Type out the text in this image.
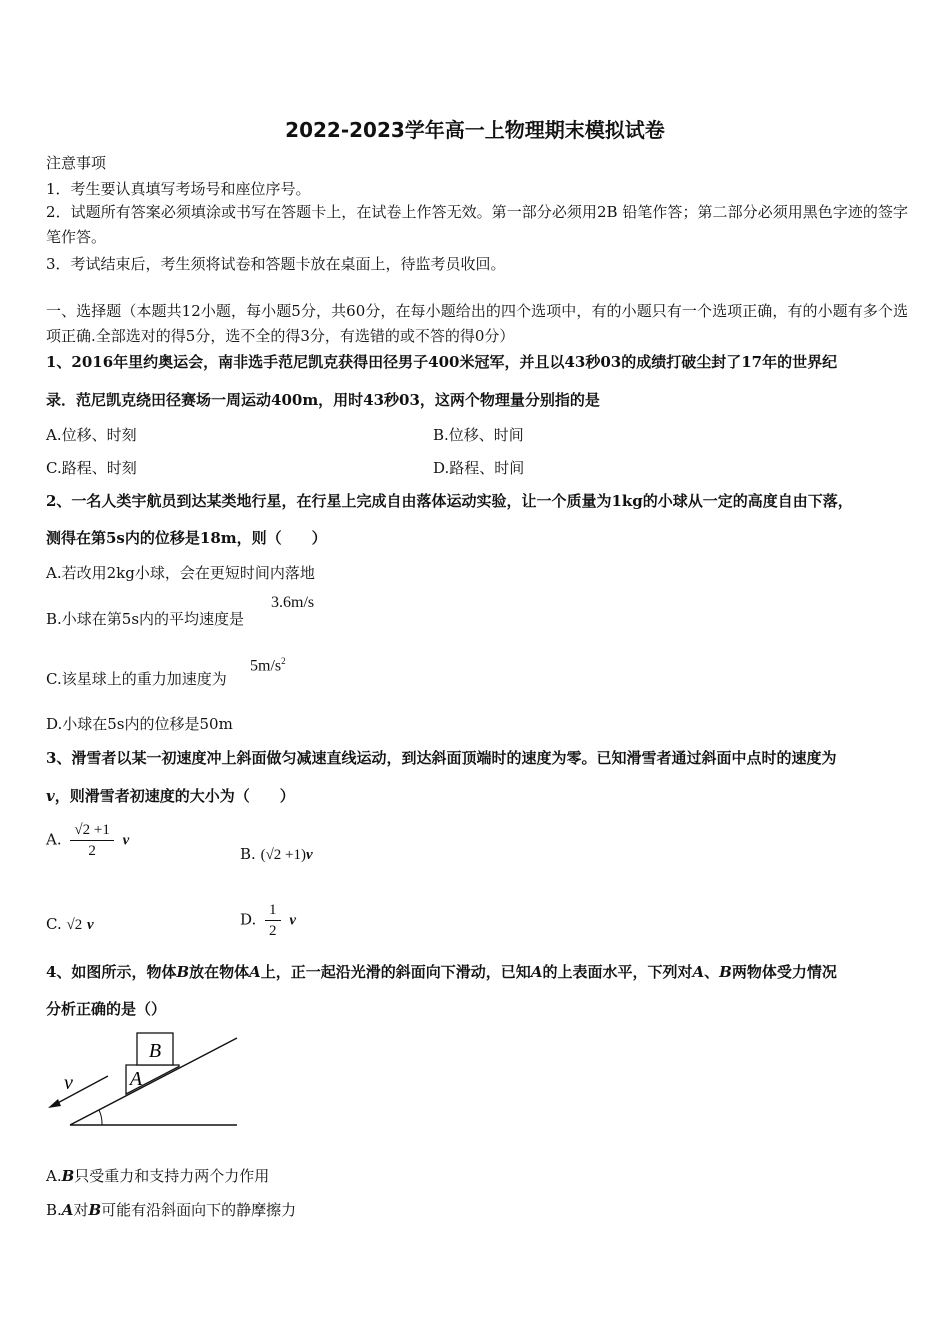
2022-2023学年高一上物理期末模拟试卷
注意事项
1．考生要认真填写考场号和座位序号。
2．试题所有答案必须填涂或书写在答题卡上，在试卷上作答无效。第一部分必须用2B 铅笔作答；第二部分必须用黑色字迹的签字笔作答。
3．考试结束后，考生须将试卷和答题卡放在桌面上，待监考员收回。
一、选择题（本题共12小题，每小题5分，共60分，在每小题给出的四个选项中，有的小题只有一个选项正确，有的小题有多个选项正确.全部选对的得5分，选不全的得3分，有选错的或不答的得0分）
1、2016年里约奥运会，南非选手范尼凯克获得田径男子400米冠军，并且以43秒03的成绩打破尘封了17年的世界纪
录．范尼凯克绕田径赛场一周运动400m，用时43秒03，这两个物理量分别指的是
A.位移、时刻	B.位移、时间
C.路程、时刻	D.路程、时间
2、一名人类宇航员到达某类地行星，在行星上完成自由落体运动实验，让一个质量为1kg的小球从一定的高度自由下落，
测得在第5s内的位移是18m，则（　　）
A.若改用2kg小球，会在更短时间内落地
B.小球在第5s内的平均速度是
3.6m/s
C.该星球上的重力加速度为
$5m/s^2$
D.小球在5s内的位移是50m
3、滑雪者以某一初速度冲上斜面做匀减速直线运动，到达斜面顶端时的速度为零。已知滑雪者通过斜面中点时的速度为
v，则滑雪者初速度的大小为（　　）
A. $\frac{√2 +1}{2}$ v
B. (√2 +1)v
C. √2 v	D. $\frac{1}{2}$ v
4、如图所示，物体B放在物体A上，正一起沿光滑的斜面向下滑动，已知A的上表面水平，下列对A、B两物体受力情况
分析正确的是（）
B
A
v
A.B只受重力和支持力两个力作用
B.A对B可能有沿斜面向下的静摩擦力
